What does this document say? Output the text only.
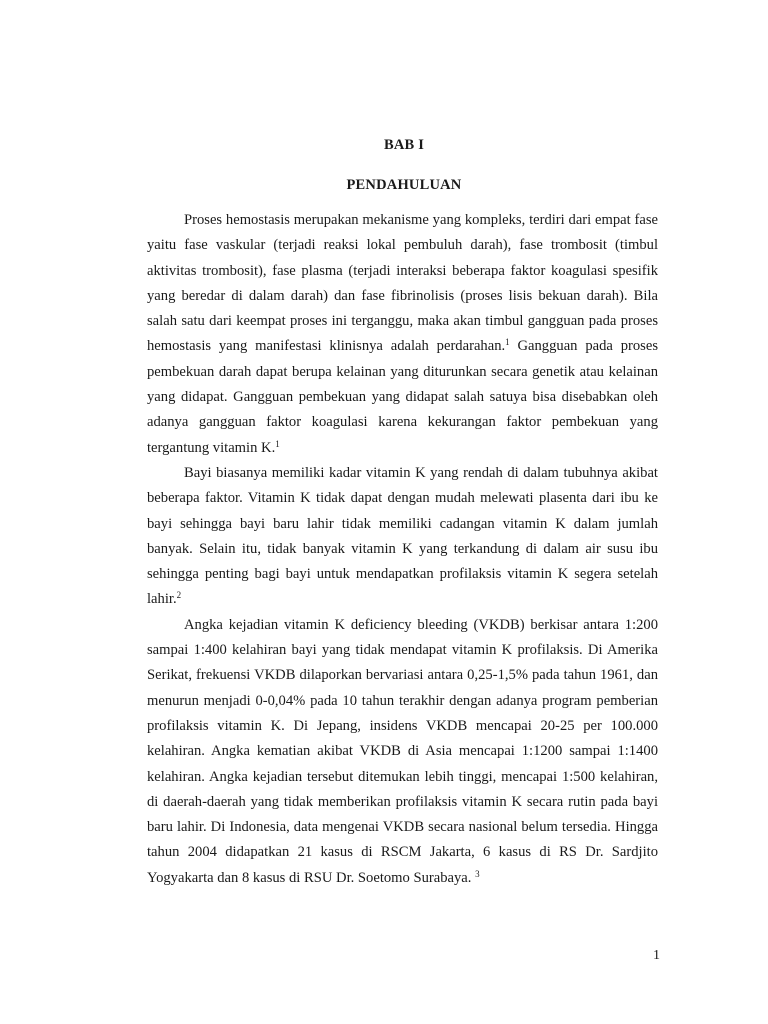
BAB I
PENDAHULUAN

Proses hemostasis merupakan mekanisme yang kompleks, terdiri dari empat fase yaitu fase vaskular (terjadi reaksi lokal pembuluh darah), fase trombosit (timbul aktivitas trombosit), fase plasma (terjadi interaksi beberapa faktor koagulasi spesifik yang beredar di dalam darah) dan fase fibrinolisis (proses lisis bekuan darah). Bila salah satu dari keempat proses ini terganggu, maka akan timbul gangguan pada proses hemostasis yang manifestasi klinisnya adalah perdarahan.$^1$ Gangguan pada proses pembekuan darah dapat berupa kelainan yang diturunkan secara genetik atau kelainan yang didapat. Gangguan pembekuan yang didapat salah satuya bisa disebabkan oleh adanya gangguan faktor koagulasi karena kekurangan faktor pembekuan yang tergantung vitamin K.$^1$

Bayi biasanya memiliki kadar vitamin K yang rendah di dalam tubuhnya akibat beberapa faktor. Vitamin K tidak dapat dengan mudah melewati plasenta dari ibu ke bayi sehingga bayi baru lahir tidak memiliki cadangan vitamin K dalam jumlah banyak. Selain itu, tidak banyak vitamin K yang terkandung di dalam air susu ibu sehingga penting bagi bayi untuk mendapatkan profilaksis vitamin K segera setelah lahir.$^2$

Angka kejadian vitamin K deficiency bleeding (VKDB) berkisar antara 1:200 sampai 1:400 kelahiran bayi yang tidak mendapat vitamin K profilaksis. Di Amerika Serikat, frekuensi VKDB dilaporkan bervariasi antara 0,25-1,5% pada tahun 1961, dan menurun menjadi 0-0,04% pada 10 tahun terakhir dengan adanya program pemberian profilaksis vitamin K. Di Jepang, insidens VKDB mencapai 20-25 per 100.000 kelahiran. Angka kematian akibat VKDB di Asia mencapai 1:1200 sampai 1:1400 kelahiran. Angka kejadian tersebut ditemukan lebih tinggi, mencapai 1:500 kelahiran, di daerah-daerah yang tidak memberikan profilaksis vitamin K secara rutin pada bayi baru lahir. Di Indonesia, data mengenai VKDB secara nasional belum tersedia. Hingga tahun 2004 didapatkan 21 kasus di RSCM Jakarta, 6 kasus di RS Dr. Sardjito Yogyakarta dan 8 kasus di RSU Dr. Soetomo Surabaya. $^3$

1
